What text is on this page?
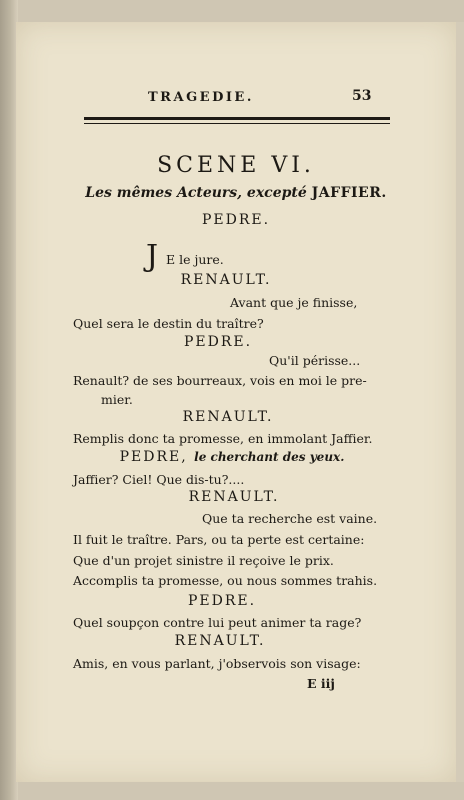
TRAGEDIE.	53
SCENE VI.
Les mêmes Acteurs, excepté JAFFIER.
PEDRE.
J E le jure.
RENAULT.
Avant que je finisse,
Quel sera le destin du traître?
PEDRE.
Qu'il périsse...
Renault? de ses bourreaux, vois en moi le pre-
mier.
RENAULT.
Remplis donc ta promesse, en immolant Jaffier.
PEDRE, le cherchant des yeux.
Jaffier? Ciel! Que dis-tu?....
RENAULT.
Que ta recherche est vaine.
Il fuit le traître. Pars, ou ta perte est certaine:
Que d'un projet sinistre il reçoive le prix.
Accomplis ta promesse, ou nous sommes trahis.
PEDRE.
Quel soupçon contre lui peut animer ta rage?
RENAULT.
Amis, en vous parlant, j'observois son visage:
E iij
